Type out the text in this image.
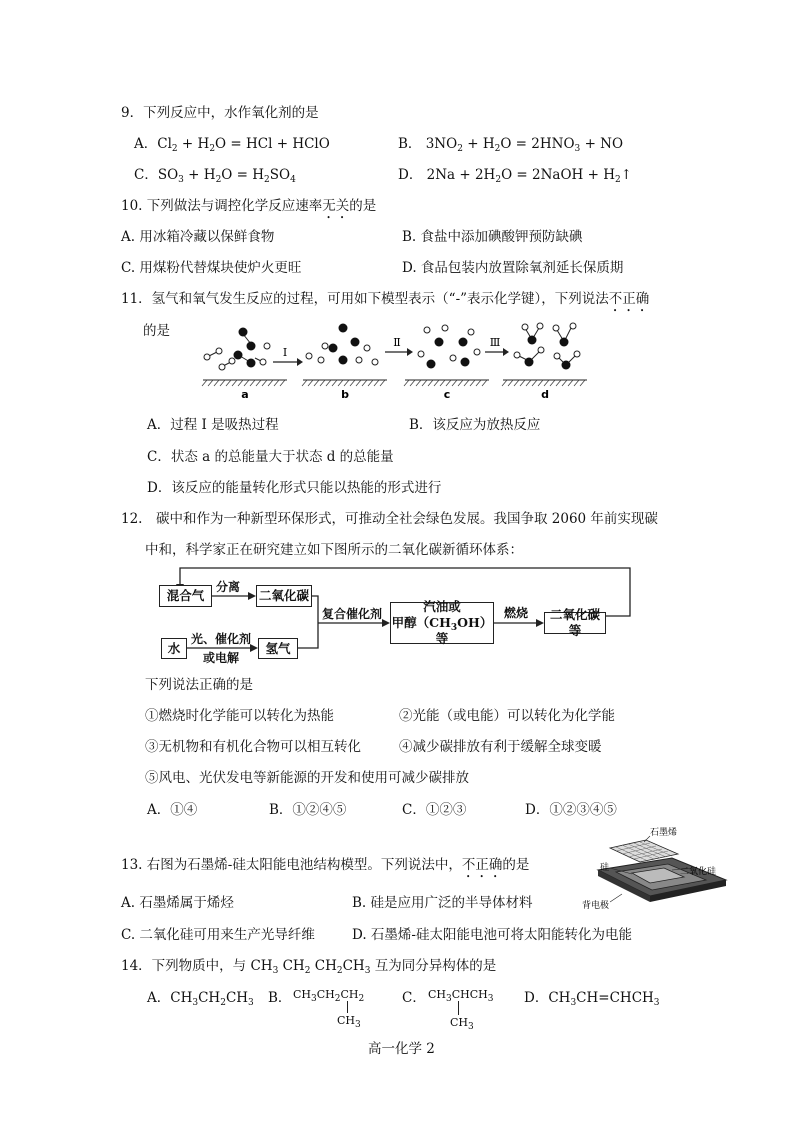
9．下列反应中，水作氧化剂的是
A．$Cl_2 + H_2O$ = HCl + HClO	B． $3NO_2 + H_2O = 2HNO_3$ + NO
C．$SO_3 + H_2O = H_2SO_4$	D． $2Na + 2H_2O$ = 2NaOH + $H_2↑$
10. 下列做法与调控化学反应速率无关的是
A. 用冰箱冷藏以保鲜食物	B. 食盐中添加碘酸钾预防缺碘
C. 用煤粉代替煤块使炉火更旺	D. 食品包装内放置除氧剂延长保质期
11．氢气和氧气发生反应的过程，可用如下模型表示（“-”表示化学键），下列说法不正确
的是
a
Ⅰ
b
Ⅱ
c
Ⅲ
d
A．过程 I 是吸热过程	B．该反应为放热反应
C．状态 a 的总能量大于状态 d 的总能量
D．该反应的能量转化形式只能以热能的形式进行
12.　碳中和作为一种新型环保形式，可推动全社会绿色发展。我国争取 2060 年前实现碳
中和，科学家正在研究建立如下图所示的二氧化碳新循环体系：
混合气
分离
二氧化碳
水
光、催化剂
或电解
氢气
复合催化剂	汽油或
甲醇$(CH_3OH)$等
燃烧	二氧化碳等
下列说法正确的是
①燃烧时化学能可以转化为热能	②光能（或电能）可以转化为化学能
③无机物和有机化合物可以相互转化	④减少碳排放有利于缓解全球变暖
⑤风电、光伏发电等新能源的开发和使用可减少碳排放
A．①④	B．①②④⑤	C．①②③	D．①②③④⑤
13. 右图为石墨烯-硅太阳能电池结构模型。下列说法中，不正确的是
A. 石墨烯属于烯烃	B. 硅是应用广泛的半导体材料
C. 二氧化硅可用来生产光导纤维	D. 石墨烯-硅太阳能电池可将太阳能转化为电能
石墨烯
硅	二氧化硅
背电极
14．下列物质中，与 $CH_3$ $CH_2$ $CH_2CH_3$ 互为同分异构体的是
A．$CH_3CH_2CH_3$ B． $CH_3CH_2CH_2$
$CH_3$
C． $CH_3CHCH_3$
$CH_3$
D．$CH_3CH=CHCH_3$
高一化学 2
